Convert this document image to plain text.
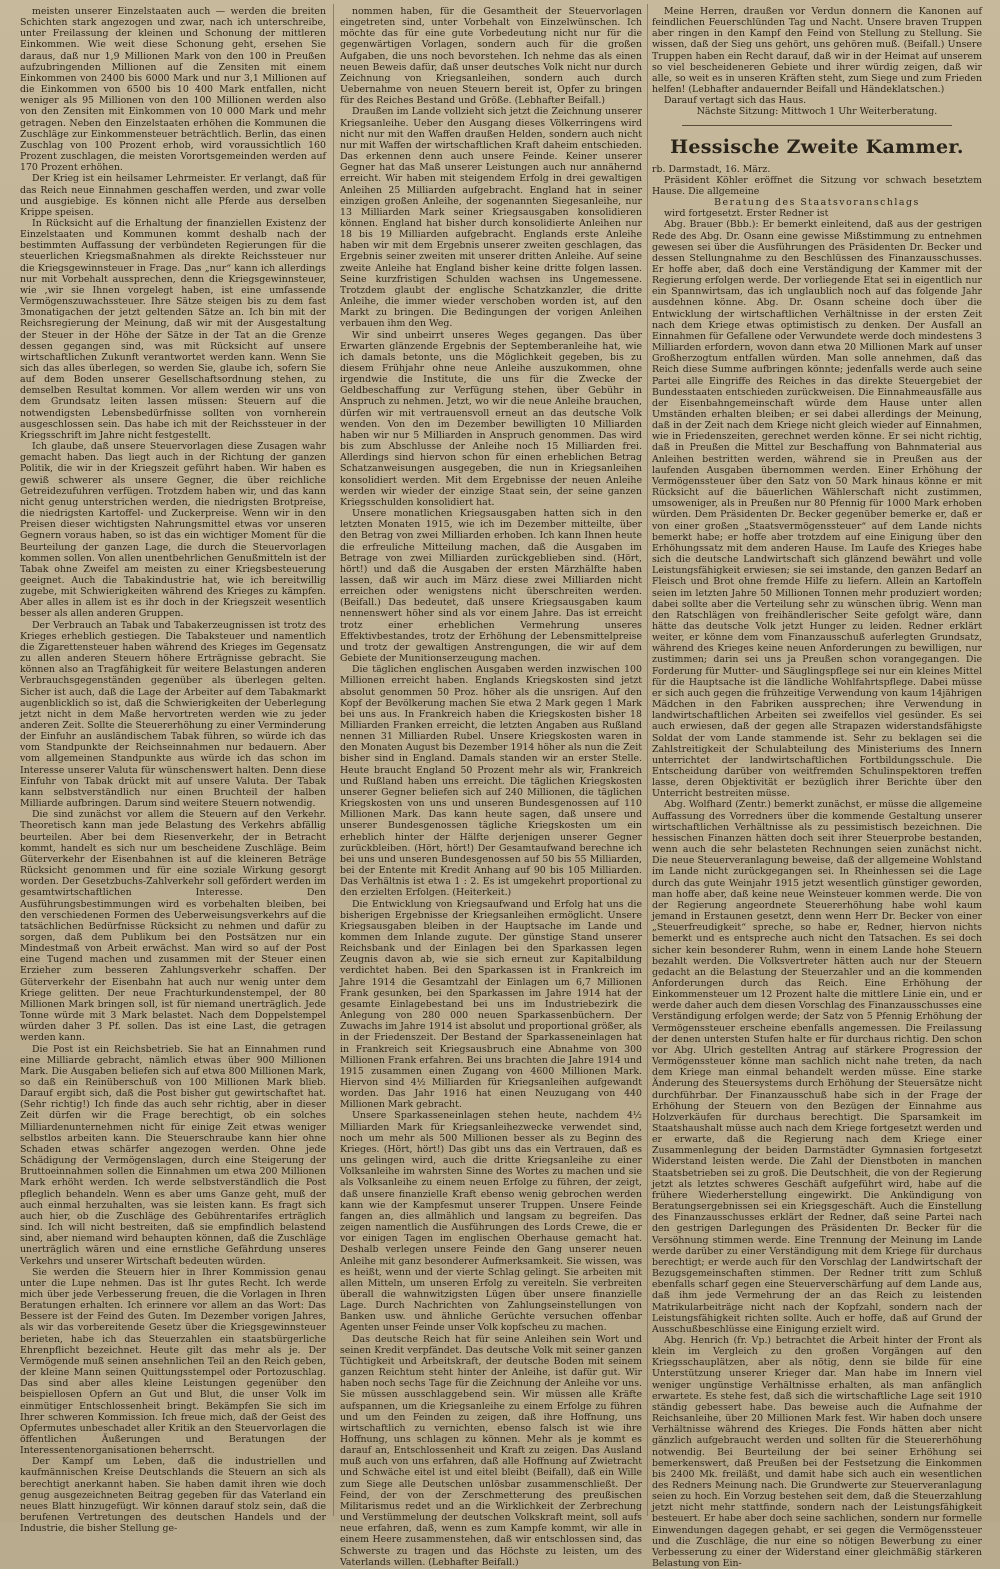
meisten unserer Einzelstaaten auch — werden die breiten Schichten stark angezogen und zwar, nach ich unterschreibe, unter Freilassung der kleinen und Schonung der mittleren Einkommen. Wie weit diese Schonung geht, ersehen Sie daraus, daß nur 1,9 Millionen Mark von den 100 in Preußen aufzubringenden Millionen auf die Zensiten mit einem Einkommen von 2400 bis 6000 Mark und nur 3,1 Millionen auf die Einkommen von 6500 bis 10 400 Mark entfallen, nicht weniger als 95 Millionen von den 100 Millionen werden also von den Zensiten mit Einkommen von 10 000 Mark und mehr getragen. Neben den Einzelstaaten erhöhen die Kommunen die Zuschläge zur Einkommensteuer beträchtlich. Berlin, das einen Zuschlag von 100 Prozent erhob, wird voraussichtlich 160 Prozent zuschlagen, die meisten Vorortsgemeinden werden auf 170 Prozent erhöhen.

Der Krieg ist ein heilsamer Lehrmeister. Er verlangt, daß für das Reich neue Einnahmen geschaffen werden, und zwar volle und ausgiebige. Es können nicht alle Pferde aus derselben Krippe speisen.

In Rücksicht auf die Erhaltung der finanziellen Existenz der Einzelstaaten und Kommunen kommt deshalb nach der bestimmten Auffassung der verbündeten Regierungen für die steuerlichen Kriegsmaßnahmen als direkte Reichssteuer nur die Kriegsgewinnsteuer in Frage. Das „nur“ kann ich allerdings nur mit Vorbehalt aussprechen, denn die Kriegsgewinnsteuer, wie ,wir sie Ihnen vorgelegt haben, ist eine umfassende Vermögenszuwachssteuer. Ihre Sätze steigen bis zu dem fast 3monatigachen der jetzt geltenden Sätze an. Ich bin mit der Reichsregierung der Meinung, daß wir mit der Ausgestaltung der Steuer in der Höhe der Sätze in der Tat an die Grenze dessen gegangen sind, was mit Rücksicht auf unsere wirtschaftlichen Zukunft verantwortet werden kann. Wenn Sie sich das alles überlegen, so werden Sie, glaube ich, sofern Sie auf dem Boden unserer Gesellschaftsordnung stehen, zu demselben Resultat kommen. Vor allem werden wir uns von dem Grundsatz leiten lassen müssen: Steuern auf die notwendigsten Lebensbedürfnisse sollten von vornherein ausgeschlossen sein. Das habe ich mit der Reichssteuer in der Kriegsschrift im Jahre nicht festgestellt.

Ich glaube, daß unsere Steuervorlagen diese Zusagen wahr gemacht haben. Das liegt auch in der Richtung der ganzen Politik, die wir in der Kriegszeit geführt haben. Wir haben es gewiß schwerer als unsere Gegner, die über reichliche Getreidezufuhren verfügen. Trotzdem haben wir, und das kann nicht genug unterstrichen werden, die niedrigsten Brotpreise, die niedrigsten Kartoffel- und Zuckerpreise. Wenn wir in den Preisen dieser wichtigsten Nahrungsmittel etwas vor unseren Gegnern voraus haben, so ist das ein wichtiger Moment für die Beurteilung der ganzen Lage, die durch die Steuervorlagen kommen sollen. Von allen unentbehrlichen Genußmitteln ist der Tabak ohne Zweifel am meisten zu einer Kriegsbesteuerung geeignet. Auch die Tabakindustrie hat, wie ich bereitwillig zugebe, mit Schwierigkeiten während des Krieges zu kämpfen. Aber alles in allem ist es ihr doch in der Kriegszeit wesentlich besser als allen anderen Gruppen.

Der Verbrauch an Tabak und Tabakerzeugnissen ist trotz des Krieges erheblich gestiegen. Die Tabaksteuer und namentlich die Zigarettensteuer haben während des Krieges im Gegensatz zu allen anderen Steuern höhere Erträgnisse gebracht. Sie können also an Tragfähigkeit für weitere Belastungen anderen Verbrauchsgegenständen gegenüber als überlegen gelten. Sicher ist auch, daß die Lage der Arbeiter auf dem Tabakmarkt augenblicklich so ist, daß die Schwierigkeiten der Ueberlegung jetzt nicht in dem Maße hervortreten werden wie zu jeder anderen Zeit. Sollte die Steuererhöhung zu einer Verminderung der Einfuhr an ausländischem Tabak führen, so würde ich das vom Standpunkte der Reichseinnahmen nur bedauern. Aber vom allgemeinen Standpunkte aus würde ich das schon im Interesse unserer Valuta für wünschenswert halten. Denn diese Einfuhr von Tabak drückt mit auf unsere Valuta. Der Tabak kann selbstverständlich nur einen Bruchteil der halben Milliarde aufbringen. Darum sind weitere Steuern notwendig.

Die sind zunächst vor allem die Steuern auf den Verkehr. Theoretisch kann man jede Belastung des Verkehrs abfällig beurteilen. Aber bei dem Riesenverkehr, der in Betracht kommt, handelt es sich nur um bescheidene Zuschläge. Beim Güterverkehr der Eisenbahnen ist auf die kleineren Beträge Rücksicht genommen und für eine soziale Wirkung gesorgt worden. Der Gesetzbuchs-Zahlverkehr soll gefördert werden im gesamtwirtschaftlichen Interesse. Den Ausführungsbestimmungen wird es vorbehalten bleiben, bei den verschiedenen Formen des Ueberweisungsverkehrs auf die tatsächlichen Bedürfnisse Rücksicht zu nehmen und dafür zu sorgen, daß dem Publikum bei den Postsätzen nur ein Mindestmaß von Arbeit erwächst. Man wird so auf der Post eine Tugend machen und zusammen mit der Steuer einen Erzieher zum besseren Zahlungsverkehr schaffen. Der Güterverkehr der Eisenbahn hat auch nur wenig unter dem Kriege gelitten. Der neue Frachturkundenstempel, der 80 Millionen Mark bringen soll, ist für niemand unerträglich. Jede Tonne würde mit 3 Mark belastet. Nach dem Doppelstempel würden daher 3 Pf. sollen. Das ist eine Last, die getragen werden kann.

Die Post ist ein Reichsbetrieb. Sie hat an Einnahmen rund eine Milliarde gebracht, nämlich etwas über 900 Millionen Mark. Die Ausgaben beliefen sich auf etwa 800 Millionen Mark, so daß ein Reinüberschuß von 100 Millionen Mark blieb. Darauf ergibt sich, daß die Post bisher gut gewirtschaftet hat. (Sehr richtig!) Ich finde das auch sehr richtig, aber in dieser Zeit dürfen wir die Frage berechtigt, ob ein solches Milliardenunternehmen nicht für einige Zeit etwas weniger selbstlos arbeiten kann. Die Steuerschraube kann hier ohne Schaden etwas schärfer angezogen werden. Ohne jede Schädigung der Vermögenslagen, durch eine Steigerung der Bruttoeinnahmen sollen die Einnahmen um etwa 200 Millionen Mark erhöht werden. Ich werde selbstverständlich die Post pfleglich behandeln. Wenn es aber ums Ganze geht, muß der auch einmal herzuhalten, was sie leisten kann. Es fragt sich auch hier, ob die Zuschläge des Gebührentarifes erträglich sind. Ich will nicht bestreiten, daß sie empfindlich belastend sind, aber niemand wird behaupten können, daß die Zuschläge unerträglich wären und eine ernstliche Gefährdung unseres Verkehrs und unserer Wirtschaft bedeuten würden.

Sie werden die Steuern hier in Ihrer Kommission genau unter die Lupe nehmen. Das ist Ihr gutes Recht. Ich werde mich über jede Verbesserung freuen, die die Vorlagen in Ihren Beratungen erhalten. Ich erinnere vor allem an das Wort: Das Bessere ist der Feind des Guten. Im Dezember vorigen Jahres, als wir das vorbereitende Gesetz über die Kriegsgewinnsteuer berieten, habe ich das Steuerzahlen ein staatsbürgerliche Ehrenpflicht bezeichnet. Heute gilt das mehr als je. Der Vermögende muß seinen ansehnlichen Teil an den Reich geben, der kleine Mann seinen Quittungsstempel oder Portozuschlag. Das sind aber alles kleine Leistungen gegenüber den beispiellosen Opfern an Gut und Blut, die unser Volk im einmütiger Entschlossenheit bringt. Bekämpfen Sie sich im Ihrer schweren Kommission. Ich freue mich, daß der Geist des Opfermutes unbeschadet aller Kritik an den Steuervorlagen die öffentlichen Äußerungen und Beratungen der Interessentenorganisationen beherrscht.

Der Kampf um Leben, daß die industriellen und kaufmännischen Kreise Deutschlands die Steuern an sich als berechtigt anerkannt haben. Sie haben damit ihren wie doch genug ausgezeichneten Beitrag gegeben für das Vaterland ein neues Blatt hinzugefügt. Wir können darauf stolz sein, daß die berufenen Vertretungen des deutschen Handels und der Industrie, die bisher Stellung ge-

nommen haben, für die Gesamtheit der Steuervorlagen eingetreten sind, unter Vorbehalt von Einzelwünschen. Ich möchte das für eine gute Vorbedeutung nicht nur für die gegenwärtigen Vorlagen, sondern auch für die großen Aufgaben, die uns noch bevorstehen. Ich nehme das als einen neuen Beweis dafür, daß unser deutsches Volk nicht nur durch Zeichnung von Kriegsanleihen, sondern auch durch Uebernahme von neuen Steuern bereit ist, Opfer zu bringen für des Reiches Bestand und Größe. (Lebhafter Beifall.)

Draußen im Lande vollzieht sich jetzt die Zeichnung unserer Kriegsanleihe. Ueber den Ausgang dieses Völkerringens wird nicht nur mit den Waffen draußen Helden, sondern auch nicht nur mit Waffen der wirtschaftlichen Kraft daheim entschieden. Das erkennen denn auch unsere Feinde. Keiner unserer Gegner hat das Maß unserer Leistungen auch nur annähernd erreicht. Wir haben mit steigendem Erfolg in drei gewaltigen Anleihen 25 Milliarden aufgebracht. England hat in seiner einzigen großen Anleihe, der sogenannten Siegesanleihe, nur 13 Milliarden Mark seiner Kriegsausgaben konsolidieren können. England hat bisher durch konsolidierte Anleihen nur 18 bis 19 Milliarden aufgebracht. Englands erste Anleihe haben wir mit dem Ergebnis unserer zweiten geschlagen, das Ergebnis seiner zweiten mit unserer dritten Anleihe. Auf seine zweite Anleihe hat England bisher keine dritte folgen lassen. Seine kurzfristigen Schulden wachsen ins Ungemessene. Trotzdem glaubt der englische Schatzkanzler, die dritte Anleihe, die immer wieder verschoben worden ist, auf den Markt zu bringen. Die Bedingungen der vorigen Anleihen verbauen ihm den Weg.

Wir sind unbeirrt unseres Weges gegangen. Das über Erwarten glänzende Ergebnis der Septemberanleihe hat, wie ich damals betonte, uns die Möglichkeit gegeben, bis zu diesem Frühjahr ohne neue Anleihe auszukommen, ohne irgendwie die Institute, die uns für die Zwecke der Geldbeschaffung zur Verfügung stehen, über Gebühr in Anspruch zu nehmen. Jetzt, wo wir die neue Anleihe brauchen, dürfen wir mit vertrauensvoll erneut an das deutsche Volk wenden. Von den im Dezember bewilligten 10 Milliarden haben wir nur 5 Milliarden in Anspruch genommen. Das wird bis zum Abschlusse der Anleihe noch 15 Milliarden frei. Allerdings sind hiervon schon für einen erheblichen Betrag Schatzanweisungen ausgegeben, die nun in Kriegsanleihen konsolidiert werden. Mit dem Ergebnisse der neuen Anleihe werden wir wieder der einzige Staat sein, der seine ganzen Kriegsschulden konsolidiert hat.

Unsere monatlichen Kriegsausgaben hatten sich in den letzten Monaten 1915, wie ich im Dezember mitteilte, über den Betrag von zwei Milliarden erhoben. Ich kann Ihnen heute die erfreuliche Mitteilung machen, daß die Ausgaben im Betrage von zwei Milliarden zurückgeblieben sind. (Hört, hört!) und daß die Ausgaben der ersten Märzhälfte haben lassen, daß wir auch im März diese zwei Milliarden nicht erreichen oder wenigstens nicht überschreiten werden. (Beifall.) Das bedeutet, daß unsere Kriegsausgaben kaum nennenswert höher sind als vor einem Jahre. Das ist erreicht trotz einer erheblichen Vermehrung unseres Effektivbestandes, trotz der Erhöhung der Lebensmittelpreise und trotz der gewaltigen Anstrengungen, die wir auf dem Gebiete der Munitionserzeugung machen.

Die täglichen englischen Ausgaben werden inzwischen 100 Millionen erreicht haben. Englands Kriegskosten sind jetzt absolut genommen 50 Proz. höher als die unsrigen. Auf den Kopf der Bevölkerung machen Sie etwa 2 Mark gegen 1 Mark bei uns aus. In Frankreich haben die Kriegskosten bisher 18 Milliarden Franken erreicht, die letzten Angaben aus Rußland nennen 31 Milliarden Rubel. Unsere Kriegskosten waren in den Monaten August bis Dezember 1914 höher als nun die Zeit bisher sind in England. Damals standen wir an erster Stelle. Heute braucht England 50 Prozent mehr als wir, Frankreich und Rußland haben uns erreicht. Die täglichen Kriegskosten unserer Gegner beliefen sich auf 240 Millionen, die täglichen Kriegskosten von uns und unseren Bundesgenossen auf 110 Millionen Mark. Das kann heute sagen, daß unsere und unserer Bundesgenossen tägliche Kriegskosten um ein erheblich hinter der Hälfte derjenigen unserer Gegner zurückbleiben. (Hört, hört!) Der Gesamtaufwand berechne ich bei uns und unseren Bundesgenossen auf 50 bis 55 Milliarden, bei der Entente mit Kredit Anhang auf 90 bis 105 Milliarden. Das Verhältnis ist etwa 1 : 2. Es ist umgekehrt proportional zu den erzielten Erfolgen. (Heiterkeit.)

Die Entwicklung von Kriegsaufwand und Erfolg hat uns die bisherigen Ergebnisse der Kriegsanleihen ermöglicht. Unsere Kriegsausgaben bleiben in der Hauptsache im Lande und kommen dem Inlande zugute. Der günstige Stand unserer Reichsbank und der Einlagen bei den Sparkassen legen Zeugnis davon ab, wie sie sich erneut zur Kapitalbildung verdichtet haben. Bei den Sparkassen ist in Frankreich im Jahre 1914 die Gesamtzahl der Einlagen um 6,7 Millionen Frank gesunken, bei den Sparkassen im Jahre 1914 hat der gesamte Einlagebestand bei uns im Industriebezirk die Anlegung von 280 000 neuen Sparkassenbüchern. Der Zuwachs im Jahre 1914 ist absolut und proportional größer, als in der Friedenszeit. Der Bestand der Sparkasseneinlagen hat in Frankreich seit Kriegsausbruch eine Abnahme von 300 Millionen Frank erfahren. Bei uns brachten die Jahre 1914 und 1915 zusammen einen Zugang von 4600 Millionen Mark. Hiervon sind 4½ Milliarden für Kriegsanleihen aufgewandt worden. Das Jahr 1916 hat einen Neuzugang von 440 Millionen Mark gebracht.

Unsere Sparkasseneinlagen stehen heute, nachdem 4½ Milliarden Mark für Kriegsanleihezwecke verwendet sind, noch um mehr als 500 Millionen besser als zu Beginn des Krieges. (Hört, hört!) Das gibt uns das ein Vertrauen, daß es uns gelingen wird, auch die dritte Kriegsanleihe zu einer Volksanleihe im wahrsten Sinne des Wortes zu machen und sie als Volksanleihe zu einem neuen Erfolge zu führen, der zeigt, daß unsere finanzielle Kraft ebenso wenig gebrochen werden kann wie der Kampfesmut unserer Truppen. Unsere Feinde fangen an, dies allmählich und langsam zu begreifen. Das zeigen namentlich die Ausführungen des Lords Crewe, die er vor einigen Tagen im englischen Oberhause gemacht hat. Deshalb verlegen unsere Feinde den Gang unserer neuen Anleihe mit ganz besonderer Aufmerksamkeit. Sie wissen, was es heißt, wenn und der vierte Schlag gelingt. Sie arbeiten mit allen Mitteln, um unseren Erfolg zu vereiteln. Sie verbreiten überall die wahnwitzigsten Lügen über unsere finanzielle Lage. Durch Nachrichten von Zahlungseinstellungen von Banken usw. und ähnliche Gerüchte versuchen offenbar Agenten unser Feinde unser Volk kopfscheu zu machen.

Das deutsche Reich hat für seine Anleihen sein Wort und seinen Kredit verpfändet. Das deutsche Volk mit seiner ganzen Tüchtigkeit und Arbeitskraft, der deutsche Boden mit seinem ganzen Reichtum steht hinter der Anleihe, ist dafür gut. Wir haben noch sechs Tage für die Zeichnung der Anleihe vor uns. Sie müssen ausschlaggebend sein. Wir müssen alle Kräfte aufspannen, um die Kriegsanleihe zu einem Erfolge zu führen und um den Feinden zu zeigen, daß ihre Hoffnung, uns wirtschaftlich zu vernichten, ebenso falsch ist wie ihre Hoffnung, uns schlagen zu können. Mehr als je kommt es darauf an, Entschlossenheit und Kraft zu zeigen. Das Ausland muß auch von uns erfahren, daß alle Hoffnung auf Zwietracht und Schwäche eitel ist und eitel bleibt (Beifall), daß ein Wille zum Siege alle Deutschen unlösbar zusammenschließt. Der Feind, der von der Zerschmetterung des preußischen Militarismus redet und an die Wirklichkeit der Zerbrechung und Verstümmelung der deutschen Volkskraft meint, soll aufs neue erfahren, daß, wenn es zum Kampfe kommt, wir alle in einem Heere zusammenstehen, daß wir entschlossen sind, das Schwerste zu tragen und das Höchste zu leisten, um des Vaterlands willen. (Lebhafter Beifall.)

Meine Herren, draußen vor Verdun donnern die Kanonen auf feindlichen Feuerschlünden Tag und Nacht. Unsere braven Truppen aber ringen in den Kampf den Feind von Stellung zu Stellung. Sie wissen, daß der Sieg uns gehört, uns gehören muß. (Beifall.) Unsere Truppen haben ein Recht darauf, daß wir in der Heimat auf unserem so viel bescheideneren Gebiete und ihrer würdig zeigen, daß wir alle, so weit es in unseren Kräften steht, zum Siege und zum Frieden helfen! (Lebhafter andauernder Beifall und Händeklatschen.)

Darauf vertagt sich das Haus.

Nächste Sitzung: Mittwoch 1 Uhr Weiterberatung.

Hessische Zweite Kammer.

rb. Darmstadt, 16. März.

Präsident Köhler eröffnet die Sitzung vor schwach besetztem Hause. Die allgemeine

Beratung des Staatsvoranschlags

wird fortgesetzt. Erster Redner ist

Abg. Brauer (Bbb.): Er bemerkt einleitend, daß aus der gestrigen Rede des Abg. Dr. Osann eine gewisse Mißstimmung zu entnehmen gewesen sei über die Ausführungen des Präsidenten Dr. Becker und dessen Stellungnahme zu den Beschlüssen des Finanzausschusses. Er hoffe aber, daß doch eine Verständigung der Kammer mit der Regierung erfolgen werde. Der vorliegende Etat sei in eigentlich nur ein Spannwirtsam, das ich unglaublich noch auf das folgende Jahr ausdehnen könne. Abg. Dr. Osann scheine doch über die Entwicklung der wirtschaftlichen Verhältnisse in der ersten Zeit nach dem Kriege etwas optimistisch zu denken. Der Ausfall an Einnahmen für Gefallene oder Verwundete werde doch mindestens 3 Milliarden erfordern, wovon dann etwa 20 Millionen Mark auf unser Großherzogtum entfallen würden. Man solle annehmen, daß das Reich diese Summe aufbringen könnte; jedenfalls werde auch seine Partei alle Eingriffe des Reiches in das direkte Steuergebiet der Bundesstaaten entschieden zurückweisen. Die Einnahmeausfälle aus der Eisenbahngemeinschaft würde dem Hause unter allen Umständen erhalten bleiben; er sei dabei allerdings der Meinung, daß in der Zeit nach dem Kriege nicht gleich wieder auf Einnahmen, wie in Friedenszeiten, gerechnet werden könne. Er sei nicht richtig, daß in Preußen die Mittel zur Beschaffung von Bahnmaterial aus Anleihen bestritten werden, während sie in Preußen aus der laufenden Ausgaben übernommen werden. Einer Erhöhung der Vermögenssteuer über den Satz von 50 Mark hinaus könne er mit Rücksicht auf die bäuerlichen Wählerschaft nicht zustimmen, umsoweniger, als in Preußen nur 80 Pfennig für 1000 Mark erhoben würden. Dem Präsidenten Dr. Becker gegenüber bemerke er, daß er von einer großen „Staatsvermögenssteuer“ auf dem Lande nichts bemerkt habe; er hoffe aber trotzdem auf eine Einigung über den Erhöhungssatz mit dem anderen Hause. Im Laufe des Krieges habe sich die deutsche Landwirtschaft sich glänzend bewährt und volle Leistungsfähigkeit erwiesen; sie sei imstande, den ganzen Bedarf an Fleisch und Brot ohne fremde Hilfe zu liefern. Allein an Kartoffeln seien im letzten Jahre 50 Millionen Tonnen mehr produziert worden; dabei sollte aber die Verteilung sehr zu wünschen übrig. Wenn man den Ratschlägen von freihändlerischer Seite gefolgt wäre, dann hätte das deutsche Volk jetzt Hunger zu leiden. Redner erklärt weiter, er könne dem vom Finanzausschuß auferlegten Grundsatz, während des Krieges keine neuen Anforderungen zu bewilligen, nur zustimmen; darin sei uns ja Preußen schon vorangegangen. Die Forderung für Mutter- und Säuglingspflege sei nur ein kleines Mittel für die Hauptsache ist die ländliche Wohlfahrtspflege. Dabei müsse er sich auch gegen die frühzeitige Verwendung von kaum 14jährigen Mädchen in den Fabriken aussprechen; ihre Verwendung in landwirtschaftlichen Arbeiten sei zweifellos viel gesünder. Es sei auch erwiesen, daß der gegen alle Strapazen widerstandsfähigste Soldat der vom Lande stammende ist. Sehr zu beklagen sei die Zahlstreitigkeit der Schulabteilung des Ministeriums des Innern unterrichtet der landwirtschaftlichen Fortbildungsschule. Die Entscheidung darüber von weitfremden Schulinspektoren treffen lasse, deren Objektivität er bezüglich ihrer Berichte über den Unterricht bestreiten müsse.

Abg. Wolfhard (Zentr.) bemerkt zunächst, er müsse die allgemeine Auffassung des Vorredners über die kommende Gestaltung unserer wirtschaftlichen Verhältnisse als zu pessimistisch bezeichnen. Die hessischen Finanzen hätten doch seit ihrer Steuerprobe bestanden, wenn auch die sehr belasteten Rechnungen seien zunächst nicht. Die neue Steuerveranlagung beweise, daß der allgemeine Wohlstand im Lande nicht zurückgegangen sei. In Rheinhessen sei die Lage durch das gute Weinjahr 1915 jetzt wesentlich günstiger geworden, man hoffe aber, daß keine neue Weinsteuer kommen werde. Die von der Regierung angeordnete Steuererhöhung habe wohl kaum jemand in Erstaunen gesetzt, denn wenn Herr Dr. Becker von einer „Steuerfreudigkeit“ spreche, so habe er, Redner, hiervon nichts bemerkt und es entspreche auch nicht den Tatsachen. Es sei doch sicher kein besonderer Ruhm, wenn in einem Lande hohe Steuern bezahlt werden. Die Volksvertreter hätten auch nur der Steuern gedacht an die Belastung der Steuerzahler und an die kommenden Anforderungen durch das Reich. Eine Erhöhung der Einkommensteuer um 12 Prozent halte die mittlere Linie ein, und er werde daher auch dem diesen Vorschlag des Finanzausschusses eine Verständigung erfolgen werde; der Satz von 5 Pfennig Erhöhung der Vermögenssteuer erscheine ebenfalls angemessen. Die Freilassung der denen untersten Stufen halte er für durchaus richtig. Den schon vor Abg. Ulrich gestellten Antrag auf stärkere Progression der Vermögenssteuer könne man sachlich nicht nahe treten, da nach dem Kriege man einmal behandelt werden müsse. Eine starke Änderung des Steuersystems durch Erhöhung der Steuersätze nicht durchführbar. Der Finanzausschuß habe sich in der Frage der Erhöhung der Steuern von den Bezügen der Einnahme aus Holzverkäufen für durchaus berechtigt. Die Sparsamkeit im Staatshaushalt müsse auch nach dem Kriege fortgesetzt werden und er erwarte, daß die Regierung nach dem Kriege einer Zusammenlegung der beiden Darmstädter Gymnasien fortgesetzt Widerstand leisten werde. Die Zahl der Dienstboten in manchen Staatsbetrieben sei zu groß. Die Deutschheit, die von der Regierung jetzt als letztes schweres Geschäft aufgeführt wird, habe auf die frühere Wiederherstellung eingewirkt. Die Ankündigung von Beratungsergebnissen sei ein Kriegsgeschäft. Auch die Einstellung des Finanzausschusses erklärt der Redner, daß seine Partei nach den gestrigen Darlegungen des Präsidenten Dr. Becker für die Versöhnung stimmen werde. Eine Trennung der Meinung im Lande werde darüber zu einer Verständigung mit dem Kriege für durchaus berechtigt; er werde auch für den Vorschlag der Landwirtschaft der Bezugsgemeinschaften stimmen. Der Redner tritt zum Schluß ebenfalls scharf gegen eine Steuerverschärfung auf dem Lande aus, daß ihm jede Vermehrung der an das Reich zu leistenden Matrikularbeiträge nicht nach der Kopfzahl, sondern nach der Leistungsfähigkeit richten sollte. Auch er hoffe, daß auf Grund der Ausschußbeschlüsse eine Einigung erzielt wird.

Abg. Henrich (fr. Vp.) betrachtet die Arbeit hinter der Front als klein im Vergleich zu den großen Vorgängen auf den Kriegsschauplätzen, aber als nötig, denn sie bilde für eine Unterstützung unserer Krieger dar. Man habe im Innern viel weniger ungünstige Verhältnisse erhalten, als man anfänglich erwartete. Es stehe fest, daß sich die wirtschaftliche Lage seit 1910 ständig gebessert habe. Das beweise auch die Aufnahme der Reichsanleihe, über 20 Millionen Mark fest. Wir haben doch unsere Verhältnisse während des Krieges. Die Fonds hätten aber nicht gänzlich aufgebraucht werden und sollten für die Steuererhöhung notwendig. Bei Beurteilung der bei seiner Erhöhung sei bemerkenswert, daß Preußen bei der Festsetzung die Einkommen bis 2400 Mk. freiläßt, und damit habe sich auch ein wesentlichen des Redners Meinung nach. Die Grundwerte zur Steuerveranlagung seien zu hoch. Ein Vorzug bestehen seit dem, daß die Steuerzahlung jetzt nicht mehr stattfinde, sondern nach der Leistungsfähigkeit besteuert. Er habe aber doch seine sachlichen, sondern nur formelle Einwendungen dagegen gehabt, er sei gegen die Vermögenssteuer und die Zuschläge, die nur eine so nötigen Bewerbung zu einer Verbesserung zu einer der Widerstand einer gleichmäßig stärkeren Belastung von Ein-
